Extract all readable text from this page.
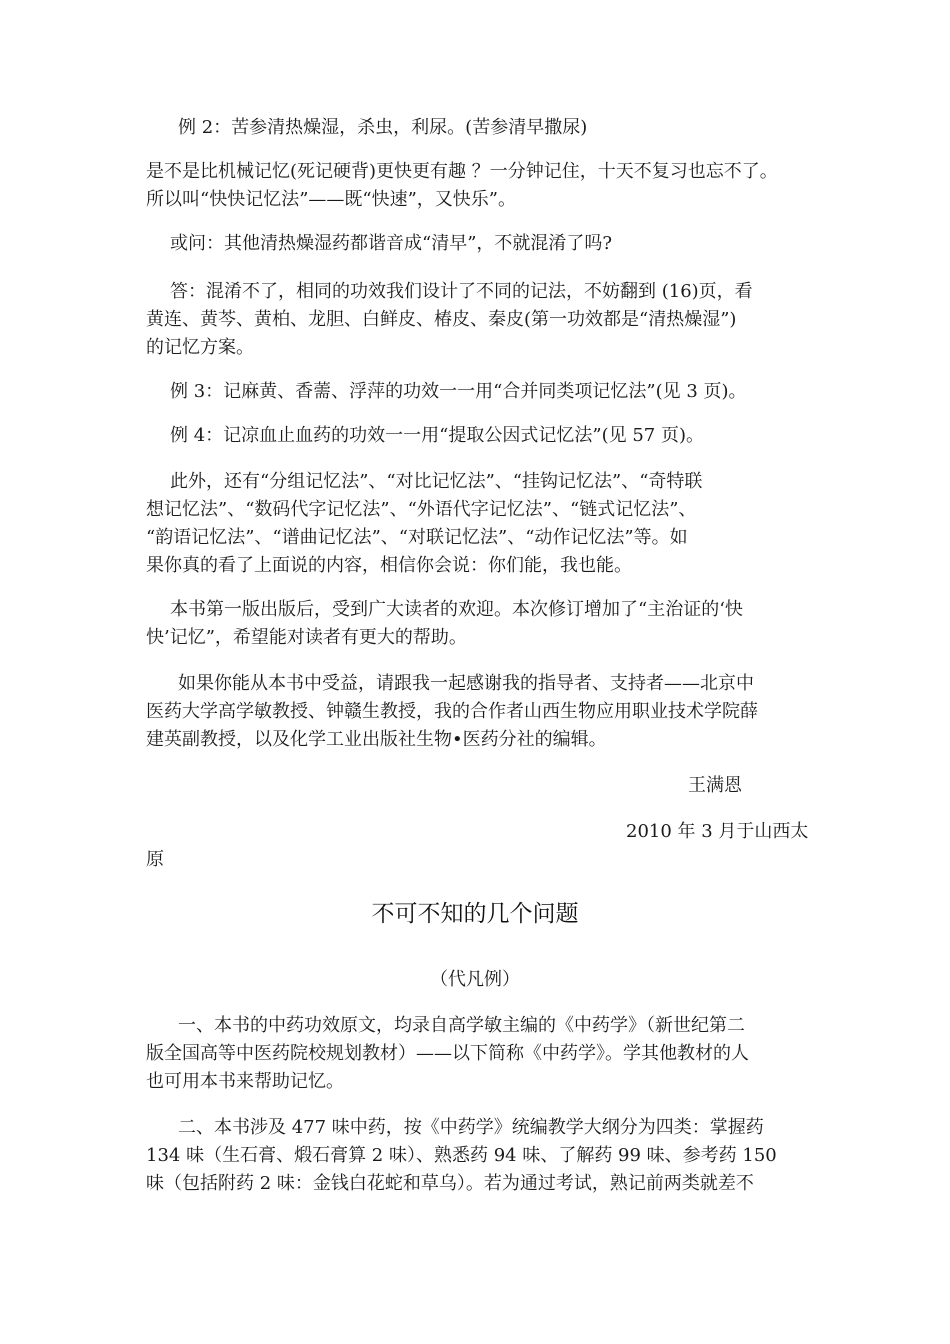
例 2：苦参清热燥湿，杀虫，利尿。(苦参清早撒尿)
是不是比机械记忆(死记硬背)更快更有趣 ？一分钟记住，十天不复习也忘不了。
所以叫“快快记忆法”——既“快速”，又快乐”。
或问：其他清热燥湿药都谐音成“清早”，不就混淆了吗?
答：混淆不了，相同的功效我们设计了不同的记法，不妨翻到 (16)页，看
黄连、黄芩、黄柏、龙胆、白鲜皮、椿皮、秦皮(第一功效都是“清热燥湿”)
的记忆方案。
例 3：记麻黄、香薷、浮萍的功效一一用“合并同类项记忆法”(见 3 页)。
例 4：记凉血止血药的功效一一用“提取公因式记忆法”(见 57 页)。
此外，还有“分组记忆法”、“对比记忆法”、“挂钩记忆法”、“奇特联
想记忆法”、“数码代字记忆法”、“外语代字记忆法”、“链式记忆法”、
“韵语记忆法”、“谱曲记忆法”、“对联记忆法”、“动作记忆法”等。如
果你真的看了上面说的内容，相信你会说：你们能，我也能。
本书第一版出版后，受到广大读者的欢迎。本次修订增加了“主治证的‘快
快’记忆”，希望能对读者有更大的帮助。
如果你能从本书中受益，请跟我一起感谢我的指导者、支持者——北京中
医药大学高学敏教授、钟赣生教授，我的合作者山西生物应用职业技术学院薛
建英副教授，以及化学工业出版社生物•医药分社的编辑。
王满恩
2010 年 3 月于山西太
原
不可不知的几个问题
（代凡例）
一、本书的中药功效原文，均录自高学敏主编的《中药学》（新世纪第二
版全国高等中医药院校规划教材）——以下简称《中药学》。学其他教材的人
也可用本书来帮助记忆。
二、本书涉及 477 味中药，按《中药学》统编教学大纲分为四类：掌握药
134 味（生石膏、煅石膏算 2 味）、熟悉药 94 味、了解药 99 味、参考药 150
味（包括附药 2 味：金钱白花蛇和草乌）。若为通过考试，熟记前两类就差不
